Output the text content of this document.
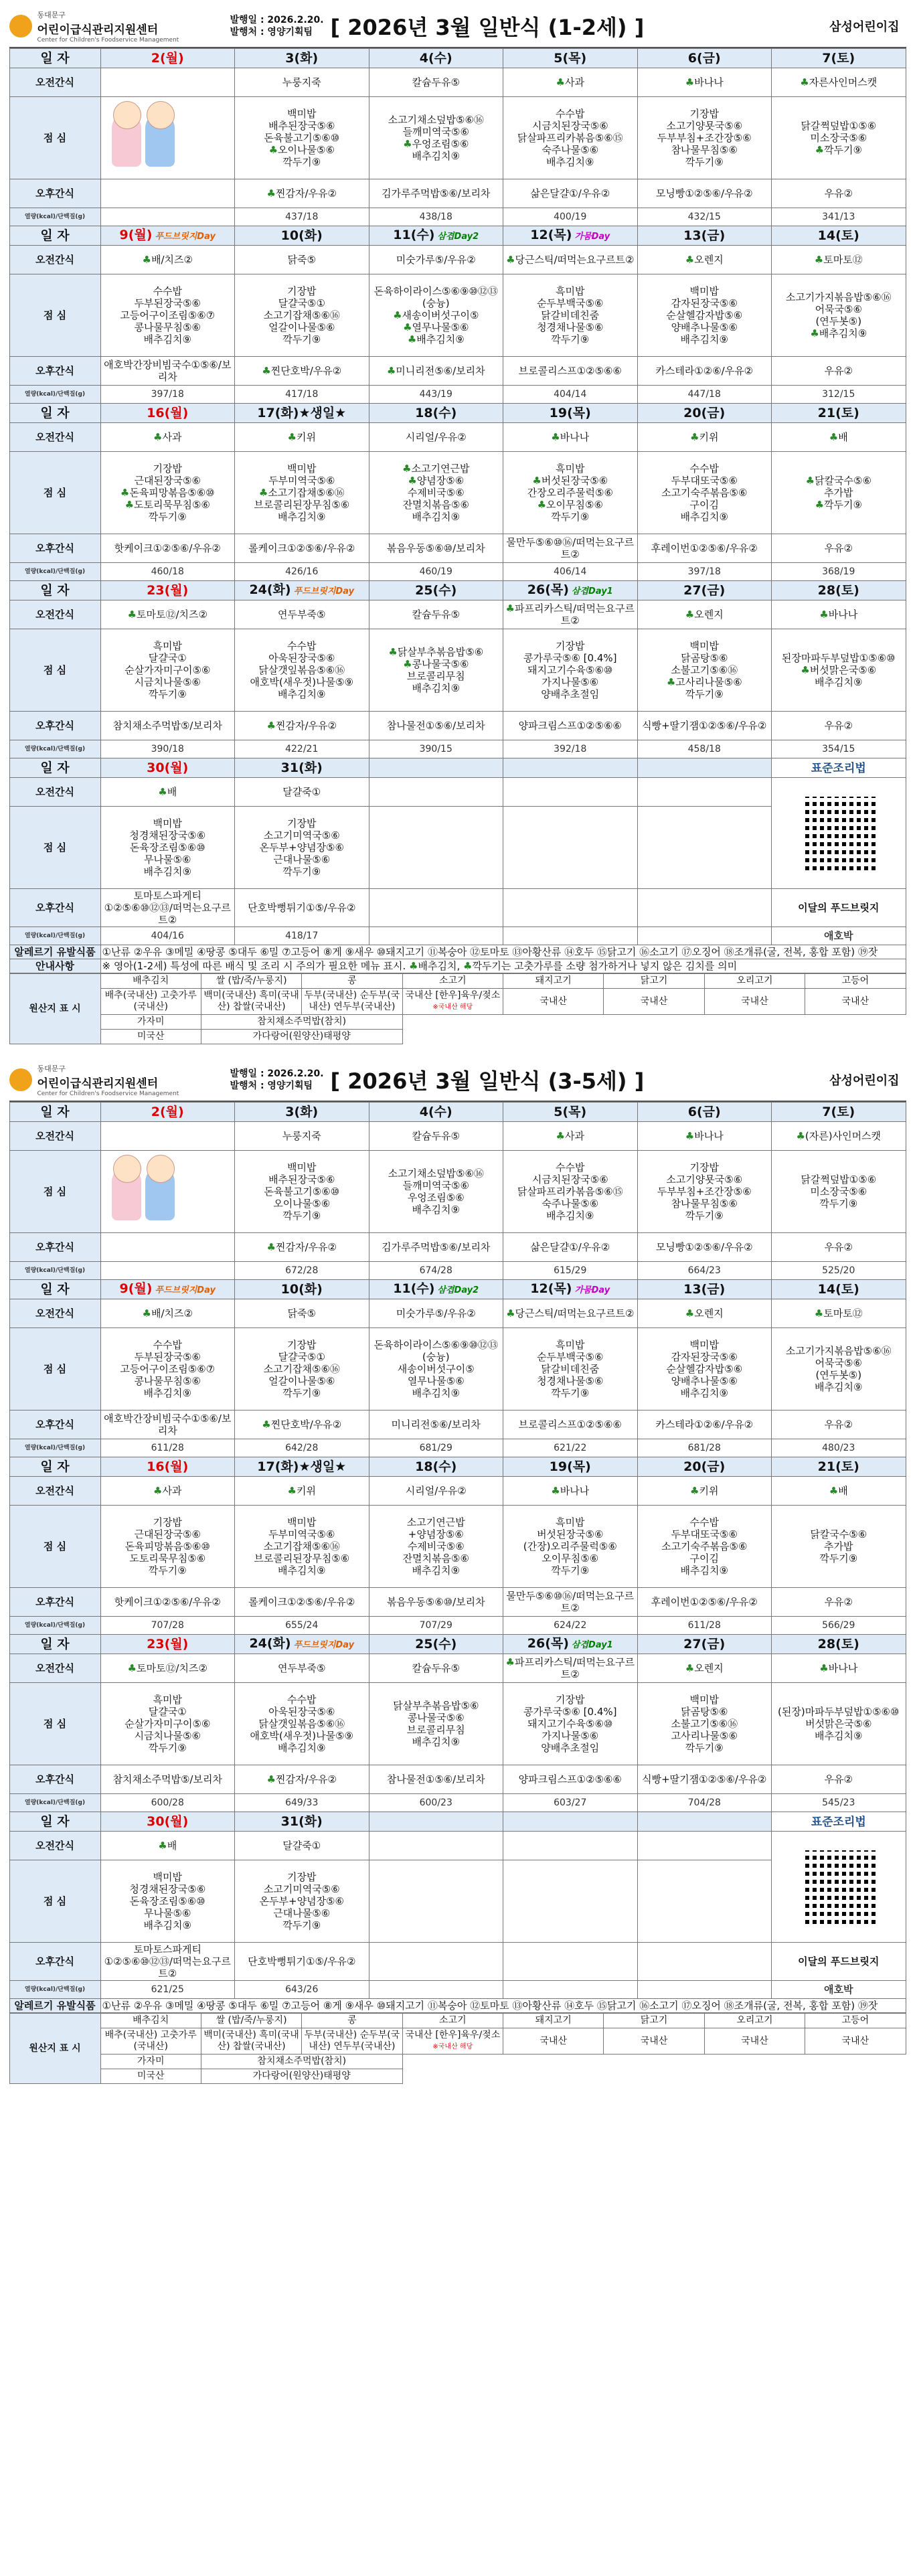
동대문구
어린이급식관리지원센터
Center for Children's Foodservice Management
발행일 : 2026.2.20.
발행처 : 영양기획팀 [ 2026년 3월 일반식 (1-2세) ]	삼성어린이집
일 자	2(월)	3(화)	4(수)	5(목)	6(금)	7(토)
오전간식		누룽지죽	칼슘두유⑤	♣사과	♣바나나	♣자른사인머스캣
점 심		백미밥
배추된장국⑤⑥
돈육불고기⑤⑥⑩
♣오이나물⑤⑥
깍두기⑨	소고기채소덮밥⑤⑥⑯
들깨미역국⑤⑥
♣우엉조림⑤⑥
배추김치⑨	수수밥
시금치된장국⑤⑥
닭살파프리카볶음⑤⑥⑮
숙주나물⑤⑥
배추김치⑨	기장밥
소고기양묫국⑤⑥
두부부침+조간장⑤⑥
참나물무침⑤⑥
깍두기⑨	닭갈쩍덮밥①⑤⑥
미소장국⑤⑥
♣깍두기⑨

오후간식		♣찐감자/우유②	김가루주먹밥⑤⑥/보리차	삶은달걀①/우유②	모닝빵①②⑤⑥/우유②	우유②
열량(kcal)/단백질(g)		437/18	438/18	400/19	432/15	341/13
일 자	9(월) 푸드브릿지Day	10(화)	11(수) 삼겹Day2	12(목) 가뭄Day	13(금)	14(토)
오전간식	♣배/치즈②	닭죽⑤	미숫가루⑤/우유②	♣당근스틱/떠먹는요구르트②	♣오렌지	♣토마토⑫
점 심	수수밥
두부된장국⑤⑥
고등어구이조림⑤⑥⑦
콩나물무침⑤⑥
배추김치⑨	기장밥
달걀국⑤①
소고기잡채⑤⑥⑯
얼갈이나물⑤⑥
깍두기⑨	돈육하이라이스⑤⑥⑨⑩⑫⑬
(숭늉)
♣새송이버섯구이⑤
♣열무나물⑤⑥
♣배추김치⑨	흑미밥
순두부백국⑤⑥
닭갈비데친줌
청경채나물⑤⑥
깍두기⑨	백미밥
감자된장국⑤⑥
순살헬감자밥⑤⑥
양배추나물⑤⑥
배추김치⑨	소고기가지볶음밥⑤⑥⑯
어묵국⑤⑥
(연두봇⑤)
♣배추김치⑨

오후간식	애호박간장비빔국수①⑤⑥/보리차	♣찐단호박/우유②	♣미니리전⑤⑥/보리차	브로콜리스프①②⑤⑥⑥	카스테라①②⑥/우유②	우유②
열량(kcal)/단백질(g)	397/18	417/18	443/19	404/14	447/18	312/15
일 자	16(월)	17(화)★생일★	18(수)	19(목)	20(금)	21(토)
오전간식	♣사과	♣키위	시리얼/우유②	♣바나나	♣키위	♣배
점 심	기장밥
근대된장국⑤⑥
♣돈육피망볶음⑤⑥⑩
♣도토리묵무침⑤⑥
깍두기⑨	백미밥
두부미역국⑤⑥
♣소고기잡채⑤⑥⑯
브로콜리된장무침⑤⑥
배추김치⑨	♣소고기연근밥
♣양념장⑤⑥
수제비국⑤⑥
잔멸치볶음⑤⑥
배추김치⑨	흑미밥
♣버섯된장국⑤⑥
간장오리주물럭⑤⑥
♣오이무침⑤⑥
깍두기⑨	수수밥
두부대또국⑤⑥
소고기숙주볶음⑤⑥
구이김
배추김치⑨	♣닭칼국수⑤⑥
추가밥
♣깍두기⑨

오후간식	핫케이크①②⑤⑥/우유②	롤케이크①②⑤⑥/우유②	볶음우동⑤⑥⑩/보리차	물만두⑤⑥⑩⑯/떠먹는요구르트②	후레이번①②⑤⑥/우유②	우유②
열량(kcal)/단백질(g)	460/18	426/16	460/19	406/14	397/18	368/19
일 자	23(월)	24(화) 푸드브릿지Day	25(수)	26(목) 삼겹Day1	27(금)	28(토)
오전간식	♣토마토⑫/치즈②	연두부죽⑤	칼슘두유⑤	♣파프리카스틱/떠먹는요구르트②	♣오렌지	♣바나나
점 심	흑미밥
달걀국①
순살가자미구이⑤⑥
시금치나물⑤⑥
깍두기⑨	수수밥
아욱된장국⑤⑥
닭살갯잎볶음⑤⑥⑯
애호박(새우젓)나물⑤⑨
배추김치⑨	♣닭살부추볶음밥⑤⑥
♣콩나물국⑤⑥
브로콜리무침
배추김치⑨	기장밥
콩가루국⑤⑥ [0.4%]
돼지고기수육⑤⑥⑩
가지나물⑤⑥
양배추초절임	백미밥
닭곰탕⑤⑥
소불고기⑤⑥⑯
♣고사리나물⑤⑥
깍두기⑨	된장마파두부덮밥①⑤⑥⑩
♣버섯맑은국⑤⑥
배추김치⑨

오후간식	참치채소주먹밥⑤/보리차	♣찐감자/우유②	참나물전①⑤⑥/보리차	양파크림스프①②⑤⑥⑥	식빵+딸기잼①②⑤⑥/우유②	우유②
열량(kcal)/단백질(g)	390/18	422/21	390/15	392/18	458/18	354/15
일 자	30(월)	31(화)				표준조리법
오전간식	♣배	달걀죽①				

점 심	백미밥
청경채된장국⑤⑥
돈육장조림⑤⑥⑩
무나물⑤⑥
배추김치⑨	기장밥
소고기미역국⑤⑥
온두부+양념장⑤⑥
근대나물⑤⑥
깍두기⑨				

오후간식	토마토스파게티①②⑤⑥⑩⑫⑬/떠먹는요구르트②	단호박뻥튀기①⑤/우유②				이달의 푸드브릿지
열량(kcal)/단백질(g)	404/16	418/17				애호박
알레르기 유발식품	①난류 ②우유 ③메밀 ④땅콩 ⑤대두 ⑥밀 ⑦고등어 ⑧게 ⑨새우 ⑩돼지고기 ⑪복숭아 ⑫토마토 ⑬아황산류 ⑭호두 ⑮닭고기 ⑯소고기 ⑰오징어 ⑱조개류(굴, 전복, 홍합 포함) ⑲잣					
안내사항	※ 영아(1-2세) 특성에 따른 배식 및 조리 시 주의가 필요한 메뉴 표시. ♣배추김치, ♣깍두기는 고춧가루를 소량 첨가하거나 넣지 않은 김치를 의미					
원산지 표 시	배추김치	쌀 (밥/죽/누룽지)	콩	소고기	돼지고기	닭고기	오리고기	고등어

	배추(국내산) 고춧가루(국내산)	백미(국내산) 흑미(국내산) 찹쌀(국내산)	두부(국내산) 순두부(국내산) 연두부(국내산)	국내산 [한우]육우/젖소
※국내산 해당	국내산	국내산	국내산	국내산

	가자미	참치채소주먹밥(참치)						
	미국산	가다랑어(원양산)태평양						
동대문구
어린이급식관리지원센터
Center for Children's Foodservice Management
발행일 : 2026.2.20.
발행처 : 영양기획팀 [ 2026년 3월 일반식 (3-5세) ]	삼성어린이집
일 자	2(월)	3(화)	4(수)	5(목)	6(금)	7(토)
오전간식		누룽지죽	칼슘두유⑤	♣사과	♣바나나	♣(자른)사인머스캣
점 심		백미밥
배추된장국⑤⑥
돈육불고기⑤⑥⑩
오이나물⑤⑥
깍두기⑨	소고기채소덮밥⑤⑥⑯
들깨미역국⑤⑥
우엉조림⑤⑥
배추김치⑨	수수밥
시금치된장국⑤⑥
닭살파프리카볶음⑤⑥⑮
숙주나물⑤⑥
배추김치⑨	기장밥
소고기양묫국⑤⑥
두부부침+조간장⑤⑥
참나물무침⑤⑥
깍두기⑨	닭갈쩍덮밥①⑤⑥
미소장국⑤⑥
깍두기⑨

오후간식		♣찐감자/우유②	김가루주먹밥⑤⑥/보리차	삶은달걀①/우유②	모닝빵①②⑤⑥/우유②	우유②
열량(kcal)/단백질(g)		672/28	674/28	615/29	664/23	525/20
일 자	9(월) 푸드브릿지Day	10(화)	11(수) 삼겹Day2	12(목) 가뭄Day	13(금)	14(토)
오전간식	♣배/치즈②	닭죽⑤	미숫가루⑤/우유②	♣당근스틱/떠먹는요구르트②	♣오렌지	♣토마토⑫
점 심	수수밥
두부된장국⑤⑥
고등어구이조림⑤⑥⑦
콩나물무침⑤⑥
배추김치⑨	기장밥
달걀국⑤①
소고기잡채⑤⑥⑯
얼갈이나물⑤⑥
깍두기⑨	돈육하이라이스⑤⑥⑨⑩⑫⑬
(숭늉)
새송이버섯구이⑤
열무나물⑤⑥
배추김치⑨	흑미밥
순두부백국⑤⑥
닭갈비데친줌
청경채나물⑤⑥
깍두기⑨	백미밥
감자된장국⑤⑥
순살헬감자밥⑤⑥
양배추나물⑤⑥
배추김치⑨	소고기가지볶음밥⑤⑥⑯
어묵국⑤⑥
(연두봇⑤)
배추김치⑨

오후간식	애호박간장비빔국수①⑤⑥/보리차	♣찐단호박/우유②	미니리전⑤⑥/보리차	브로콜리스프①②⑤⑥⑥	카스테라①②⑥/우유②	우유②
열량(kcal)/단백질(g)	611/28	642/28	681/29	621/22	681/28	480/23
일 자	16(월)	17(화)★생일★	18(수)	19(목)	20(금)	21(토)
오전간식	♣사과	♣키위	시리얼/우유②	♣바나나	♣키위	♣배
점 심	기장밥
근대된장국⑤⑥
돈육피망볶음⑤⑥⑩
도토리묵무침⑤⑥
깍두기⑨	백미밥
두부미역국⑤⑥
소고기잡채⑤⑥⑯
브로콜리된장무침⑤⑥
배추김치⑨	소고기연근밥
+양념장⑤⑥
수제비국⑤⑥
잔멸치볶음⑤⑥
배추김치⑨	흑미밥
버섯된장국⑤⑥
(간장)오리주물럭⑤⑥
오이무침⑤⑥
깍두기⑨	수수밥
두부대또국⑤⑥
소고기숙주볶음⑤⑥
구이김
배추김치⑨	닭칼국수⑤⑥
추가밥
깍두기⑨

오후간식	핫케이크①②⑤⑥/우유②	롤케이크①②⑤⑥/우유②	볶음우동⑤⑥⑩/보리차	물만두⑤⑥⑩⑯/떠먹는요구르트②	후레이번①②⑤⑥/우유②	우유②
열량(kcal)/단백질(g)	707/28	655/24	707/29	624/22	611/28	566/29
일 자	23(월)	24(화) 푸드브릿지Day	25(수)	26(목) 삼겹Day1	27(금)	28(토)
오전간식	♣토마토⑫/치즈②	연두부죽⑤	칼슘두유⑤	♣파프리카스틱/떠먹는요구르트②	♣오렌지	♣바나나
점 심	흑미밥
달걀국①
순살가자미구이⑤⑥
시금치나물⑤⑥
깍두기⑨	수수밥
아욱된장국⑤⑥
닭살갯잎볶음⑤⑥⑯
애호박(새우젓)나물⑤⑨
배추김치⑨	닭살부추볶음밥⑤⑥
콩나물국⑤⑥
브로콜리무침
배추김치⑨	기장밥
콩가루국⑤⑥ [0.4%]
돼지고기수육⑤⑥⑩
가지나물⑤⑥
양배추초절임	백미밥
닭곰탕⑤⑥
소불고기⑤⑥⑯
고사리나물⑤⑥
깍두기⑨	(된장)마파두부덮밥①⑤⑥⑩
버섯맑은국⑤⑥
배추김치⑨

오후간식	참치채소주먹밥⑤/보리차	♣찐감자/우유②	참나물전①⑤⑥/보리차	양파크림스프①②⑤⑥⑥	식빵+딸기잼①②⑤⑥/우유②	우유②
열량(kcal)/단백질(g)	600/28	649/33	600/23	603/27	704/28	545/23
일 자	30(월)	31(화)				표준조리법
오전간식	♣배	달걀죽①				

점 심	백미밥
청경채된장국⑤⑥
돈육장조림⑤⑥⑩
무나물⑤⑥
배추김치⑨	기장밥
소고기미역국⑤⑥
온두부+양념장⑤⑥
근대나물⑤⑥
깍두기⑨				

오후간식	토마토스파게티①②⑤⑥⑩⑫⑬/떠먹는요구르트②	단호박뻥튀기①⑤/우유②				이달의 푸드브릿지
열량(kcal)/단백질(g)	621/25	643/26				애호박
알레르기 유발식품	①난류 ②우유 ③메밀 ④땅콩 ⑤대두 ⑥밀 ⑦고등어 ⑧게 ⑨새우 ⑩돼지고기 ⑪복숭아 ⑫토마토 ⑬아황산류 ⑭호두 ⑮닭고기 ⑯소고기 ⑰오징어 ⑱조개류(굴, 전복, 홍합 포함) ⑲잣					
원산지 표 시	배추김치	쌀 (밥/죽/누룽지)	콩	소고기	돼지고기	닭고기	오리고기	고등어

	배추(국내산) 고춧가루(국내산)	백미(국내산) 흑미(국내산) 찹쌀(국내산)	두부(국내산) 순두부(국내산) 연두부(국내산)	국내산 [한우]육우/젖소
※국내산 해당	국내산	국내산	국내산	국내산

	가자미	참치채소주먹밥(참치)						
	미국산	가다랑어(원양산)태평양						
